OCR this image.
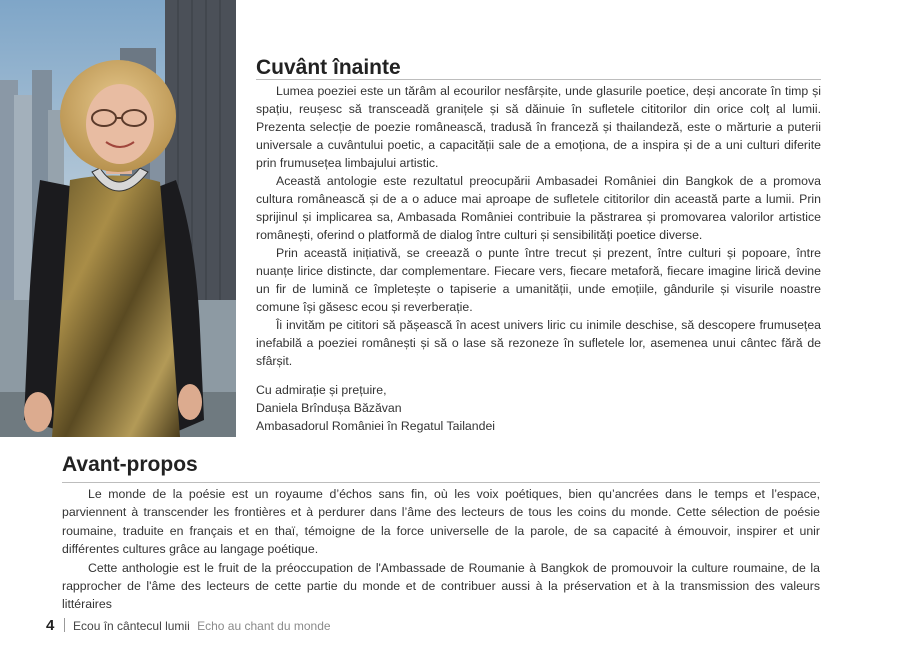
Cuvânt înainte

Lumea poeziei este un tărâm al ecourilor nesfârșite, unde glasurile poetice, deși ancorate în timp și spațiu, reușesc să transceadă granițele și să dăinuie în sufletele cititorilor din orice colț al lumii. Prezenta selecție de poezie românească, tradusă în franceză și thailandeză, este o mărturie a puterii universale a cuvântului poetic, a capacității sale de a emoționa, de a inspira și de a uni culturi diferite prin frumusețea limbajului artistic.

Această antologie este rezultatul preocupării Ambasadei României din Bangkok de a promova cultura românească și de a o aduce mai aproape de sufletele cititorilor din această parte a lumii. Prin sprijinul și implicarea sa, Ambasada României contribuie la păstrarea și promovarea valorilor artistice românești, oferind o platformă de dialog între culturi și sensibilități poetice diverse.

Prin această inițiativă, se creează o punte între trecut și prezent, între culturi și popoare, între nuanțe lirice distincte, dar complementare. Fiecare vers, fiecare metaforă, fiecare imagine lirică devine un fir de lumină ce împletește o tapiserie a umanității, unde emoțiile, gândurile și visurile noastre comune își găsesc ecou și reverberație.

Îi invităm pe cititori să pășească în acest univers liric cu inimile deschise, să descopere frumusețea inefabilă a poeziei românești și să o lase să rezoneze în sufletele lor, asemenea unui cântec fără de sfârșit.

Cu admirație și prețuire,
Daniela Brîndușa Băzăvan
Ambasadorul României în Regatul Tailandei
Avant-propos

Le monde de la poésie est un royaume d’échos sans fin, où les voix poétiques, bien qu’ancrées dans le temps et l’espace, parviennent à transcender les frontières et à perdurer dans l’âme des lecteurs de tous les coins du monde. Cette sélection de poésie roumaine, traduite en français et en thaï, témoigne de la force universelle de la parole, de sa capacité à émouvoir, inspirer et unir différentes cultures grâce au langage poétique.

Cette anthologie est le fruit de la préoccupation de l'Ambassade de Roumanie à Bangkok de promouvoir la culture roumaine, de la rapprocher de l'âme des lecteurs de cette partie du monde et de contribuer aussi à la préservation et à la transmission des valeurs littéraires

4 Ecou în cântecul lumii Echo au chant du monde
